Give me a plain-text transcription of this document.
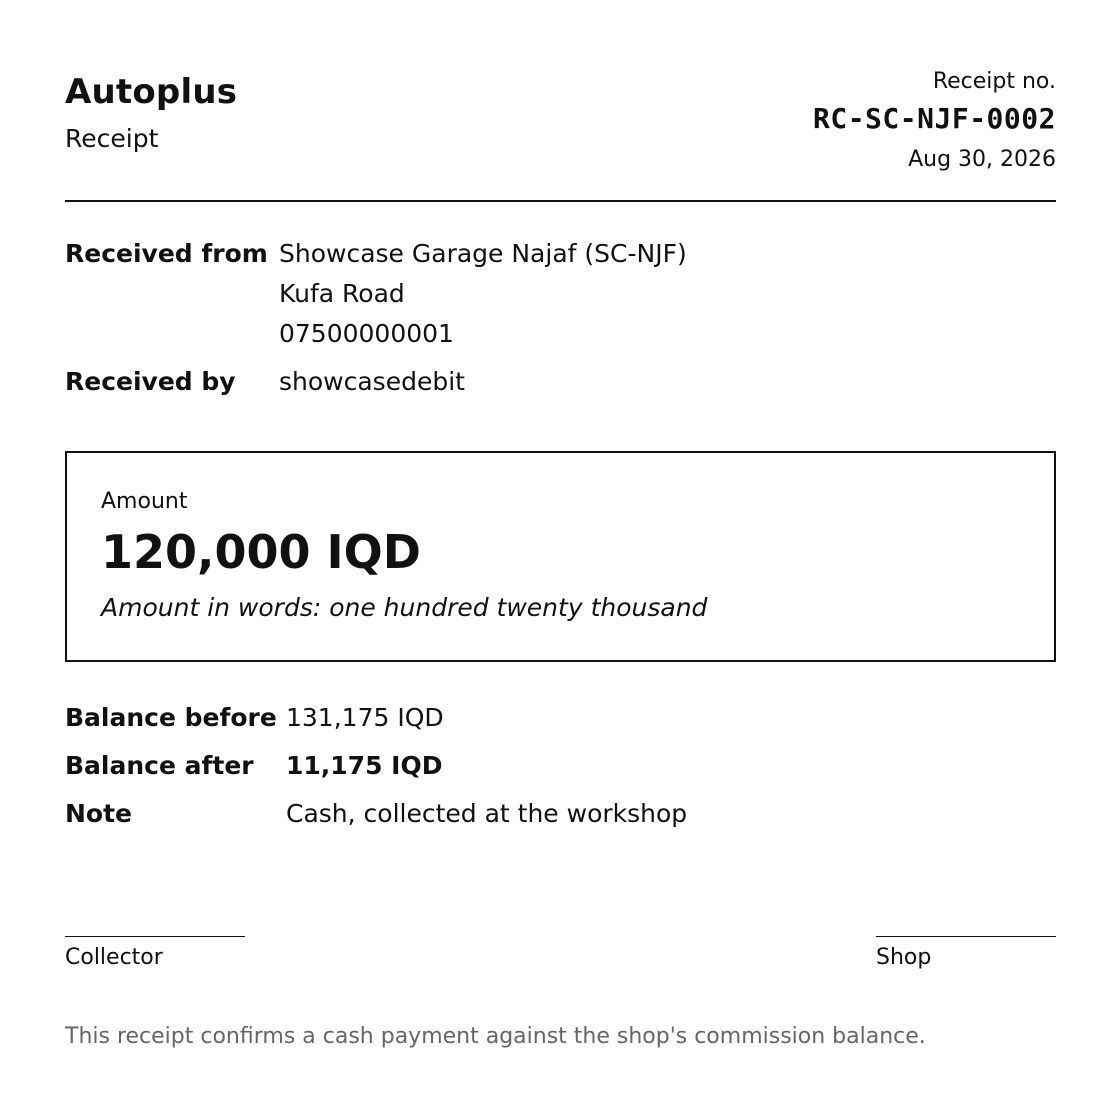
Autoplus
Receipt
Receipt no.
RC-SC-NJF-0002
Aug 30, 2026
Received from Showcase Garage Najaf (SC-NJF)
Kufa Road
07500000001
Received by	showcasedebit
Amount
120,000 IQD
Amount in words: one hundred twenty thousand
Balance before 131,175 IQD
Balance after	11,175 IQD
Note	Cash, collected at the workshop
Collector	Shop
This receipt confirms a cash payment against the shop's commission balance.
